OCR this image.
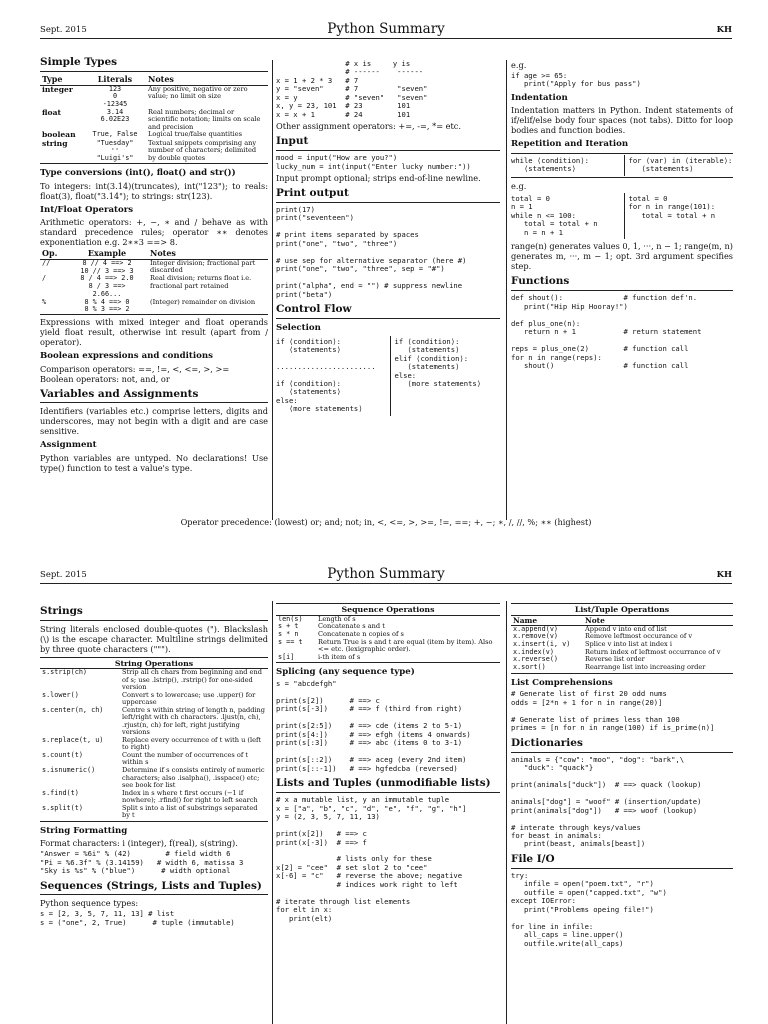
Sept. 2015	Python Summary	KH
Simple Types
Type	Literals	Notes
integer	123
0
-12345	Any positive, negative or zero value; no limit on size
float	3.14
6.02E23	Real numbers; decimal or scientific notation; limits on scale and precision
boolean	True, False	Logical true/false quantities
string	"Tuesday"
''
"Luigi's"	Textual snippets comprising any number of characters; delimited by double quotes
Type conversions (int(), float() and str())

To integers: int(3.14)(truncates), int("123"); to reals: float(3), float("3.14"); to strings: str(123).

Int/Float Operators

Arithmetic operators: +, −, ∗ and / behave as with standard precedence rules; operator ∗∗ denotes exponentiation e.g. 2∗∗3 ==> 8.

Op.	Example	Notes
//	8 // 4 ==> 2
10 // 3 ==> 3	Integer division; fractional part discarded
/	8 / 4 ==> 2.0
8 / 3 ==>
2.66...	Real division; returns float i.e. fractional part retained
%	8 % 4 ==> 0
8 % 3 ==> 2	(Integer) remainder on division

Expressions with mixed integer and float operands yield float result, otherwise int result (apart from / operator).

Boolean expressions and conditions

Comparison operators: ==, !=, <, <=, >, >=
Boolean operators: not, and, or

Variables and Assignments

Identifiers (variables etc.) comprise letters, digits and underscores, may not begin with a digit and are case sensitive.

Assignment

Python variables are untyped. No declarations! Use type() function to test a value's type.

# x is     y is
# ------    ------
x = 1 + 2 * 3   # 7
y = "seven"     # 7         "seven"
x = y           # "seven"   "seven"
x, y = 23, 101  # 23        101
x = x + 1       # 24        101

Other assignment operators: +=, -=, *= etc.

Input
mood = input("How are you?")
lucky_num = int(input("Enter lucky number:"))

Input prompt optional; strips end-of-line newline.

Print output
print(17)
print("seventeen")

# print items separated by spaces
print("one", "two", "three")

# use sep for alternative separator (here #)
print("one", "two", "three", sep = "#")

print("alpha", end = "") # suppress newline
print("beta")
Control Flow
Selection
if ⟨condition⟩:
⟨statements⟩

.......................

if ⟨condition⟩:
⟨statements⟩
else:
⟨more statements⟩
if ⟨condition⟩:
⟨statements⟩
elif ⟨condition⟩:
⟨statements⟩
else:
⟨more statements⟩

e.g.

if age >= 65:
print("Apply for bus pass")
Indentation

Indentation matters in Python. Indent statements of if/elif/else body four spaces (not tabs). Ditto for loop bodies and function bodies.

Repetition and Iteration
while ⟨condition⟩:
⟨statements⟩
for ⟨var⟩ in ⟨iterable⟩:
⟨statements⟩

e.g.

total = 0
n = 1
while n <= 100:
total = total + n
n = n + 1
total = 0
for n in range(101):
total = total + n

range(n) generates values 0, 1, ···, n − 1; range(m, n) generates m, ···, m − 1; opt. 3rd argument specifies step.

Functions
def shout():              # function def'n.
print("Hip Hip Hooray!")

def plus_one(n):
return n + 1           # return statement

reps = plus_one(2)        # function call
for n in range(reps):
shout()                # function call
Operator precedence: (lowest) or; and; not; in, <, <=, >, >=, !=, ==; +, −; ∗, /, //, %; ∗∗ (highest)
Sept. 2015	Python Summary	KH
Strings

String literals enclosed double-quotes ("). Blackslash (\) is the escape character. Multiline strings delimited by three quote characters (""").

String Operations
s.strip(ch)	Strip all ch chars from beginning and end of s; use .lstrip(), .rstrip() for one-sided version
s.lower()	Convert s to lowercase; use .upper() for uppercase
s.center(n, ch)	Centre s within string of length n, padding left/right with ch characters. .ljust(n, ch), .rjust(n, ch) for left, right justifying versions
s.replace(t, u)	Replace every occurrence of t with u (left to right)
s.count(t)	Count the number of occurrences of t within s
s.isnumeric()	Determine if s consists entirely of numeric characters; also .isalpha(), .isspace() etc; see book for list
s.find(t)	Index in s where t first occurs (−1 if nowhere); .rfind() for right to left search
s.split(t)	Split s into a list of substrings separated by t
String Formatting

Format characters: i (integer), f(real), s(string).

"Answer = %6i" % (42)        # field width 6
"Pi = %6.3f" % (3.14159)   # width 6, matissa 3
"Sky is %s" % ("blue")      # width optional
Sequences (Strings, Lists and Tuples)

Python sequence types:

s = [2, 3, 5, 7, 11, 13] # list
s = ("one", 2, True)      # tuple (immutable)
Sequence Operations
len(s)	Length of s
s + t	Concatenate s and t
s * n	Concatenate n copies of s
s == t	Return True is s and t are equal (item by item). Also <= etc. (lexigraphic order).
s[i]	i-th item of s
Splicing (any sequence type)
s = "abcdefgh"

print(s[2])      # ==> c
print(s[-3])     # ==> f (third from right)

print(s[2:5])    # ==> cde (items 2 to 5-1)
print(s[4:])     # ==> efgh (items 4 onwards)
print(s[:3])     # ==> abc (items 0 to 3-1)

print(s[::2])    # ==> aceg (every 2nd item)
print(s[::-1])   # ==> hgfedcba (reversed)
Lists and Tuples (unmodifiable lists)
# x a mutable list, y an immutable tuple
x = ["a", "b", "c", "d", "e", "f", "g", "h"]
y = (2, 3, 5, 7, 11, 13)

print(x[2])   # ==> c
print(x[-3])  # ==> f

# lists only for these
x[2] = "cee"  # set slot 2 to "cee"
x[-6] = "c"   # reverse the above; negative
# indices work right to left

# iterate through list elements
for elt in x:
print(elt)
List/Tuple Operations
Name	Note
x.append(v)	Append v into end of list
x.remove(v)	Remove leftmost occurance of v
x.insert(i, v)	Splice v into list at index i
x.index(v)	Return index of leftmost occurrance of v
x.reverse()	Reverse list order
x.sort()	Rearrange list into increasing order
List Comprehensions
# Generate list of first 20 odd nums
odds = [2*n + 1 for n in range(20)]

# Generate list of primes less than 100
primes = [n for n in range(100) if is_prime(n)]
Dictionaries
animals = {"cow": "moo", "dog": "bark",\
"duck": "quack"}

print(animals["duck"])  # ==> quack (lookup)

animals["dog"] = "woof" # (insertion/update)
print(animals["dog"])   # ==> woof (lookup)

# interate through keys/values
for beast in animals:
print(beast, animals[beast])
File I/O
try:
infile = open("poem.txt", "r")
outfile = open("capped.txt", "w")
except IOError:
print("Problems opeing file!")

for line in infile:
all_caps = line.upper()
outfile.write(all_caps)
